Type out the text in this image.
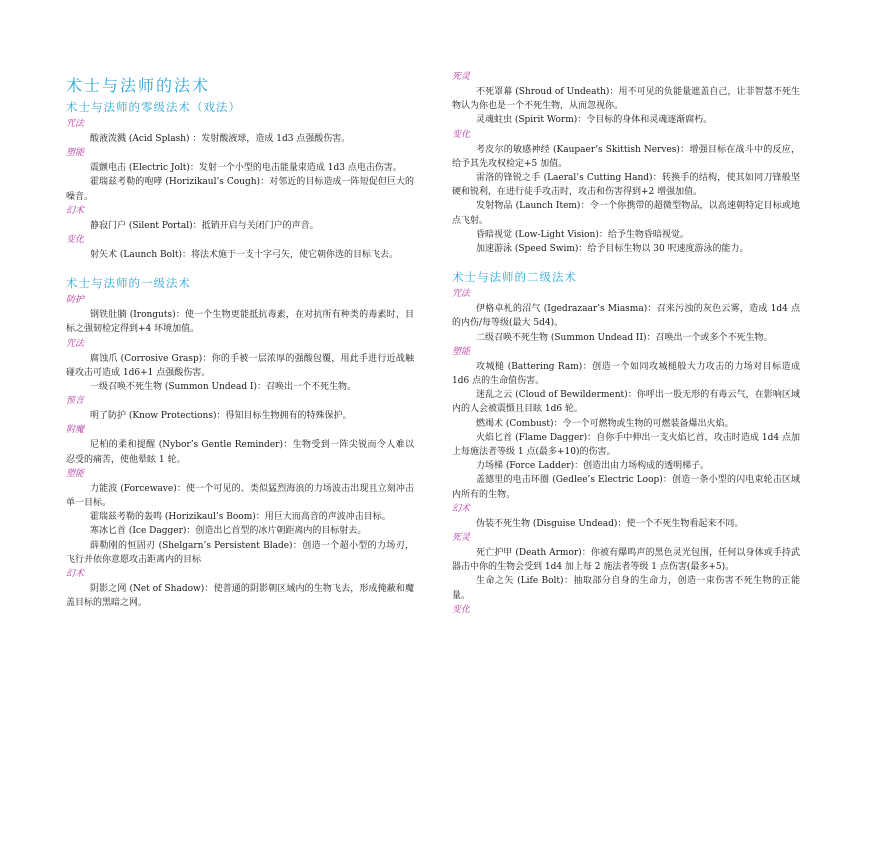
术士与法师的法术
术士与法师的零级法术（戏法）
咒法

酸液泼溅 (Acid Splash) ：发射酸液球，造成 1d3 点强酸伤害。

塑能

震颤电击 (Electric Jolt)：发射一个小型的电击能量束造成 1d3 点电击伤害。

霍瑞兹考勒的咆哮 (Horizikaul’s Cough)：对邻近的目标造成一阵短促但巨大的噪音。

幻术

静寂门户 (Silent Portal)：抵销开启与关闭门户的声音。

变化

射矢术 (Launch Bolt)：将法术施于一支十字弓矢，使它朝你选的目标飞去。

术士与法师的一级法术
防护

钢铁肚腩 (Ironguts)：使一个生物更能抵抗毒素，在对抗所有种类的毒素时，目标之强韧检定得到+4 环境加值。

咒法

腐蚀爪 (Corrosive Grasp)：你的手被一层浓厚的强酸包覆，用此手进行近战触碰攻击可造成 1d6+1 点强酸伤害。

一级召唤不死生物 (Summon Undead I)：召唤出一个不死生物。

预言

明了防护 (Know Protections)：得知目标生物拥有的特殊保护。

附魔

尼柏的柔和提醒 (Nybor’s Gentle Reminder)：生物受到一阵尖锐而令人难以忍受的痛苦，使他晕眩 1 轮。

塑能

力能波 (Forcewave)：使一个可见的、类似猛烈海浪的力场波击出现且立刻冲击单一目标。

霍瑞兹考勒的轰鸣 (Horizikaul’s Boom)：用巨大而高音的声波冲击目标。

寒冰匕首 (Ice Dagger)：创造出匕首型的冰片朝距离内的目标射去。

薛勒刚的恒固刃 (Shelgarn’s Persistent Blade)：创造一个超小型的力场刃，飞行并依你意愿攻击距离内的目标

幻术

阴影之网 (Net of Shadow)：使普通的阴影朝区域内的生物飞去，形成掩蔽和魔盖目标的黑暗之网。

死灵

不死罩幕 (Shroud of Undeath)：用不可见的负能量遮盖自己，让非智慧不死生物认为你也是一个不死生物，从而忽视你。

灵魂蛀虫 (Spirit Worm)：令目标的身体和灵魂逐渐腐朽。

变化

考皮尔的敏感神经 (Kaupaer’s Skittish Nerves)：增强目标在战斗中的反应，给予其先攻权检定+5 加值。

雷洛的锋锐之手 (Laeral’s Cutting Hand)：转换手的结构，使其如同刀锋般坚硬和锐利，在进行徒手攻击时，攻击和伤害得到+2 增强加值。

发射物品 (Launch Item)：令一个你携带的超微型物品，以高速朝特定目标或地点飞射。

昏暗视觉 (Low-Light Vision)：给予生物昏暗视觉。

加速游泳 (Speed Swim)：给予目标生物以 30 呎速度游泳的能力。

术士与法师的二级法术
咒法

伊格卓札的沼气 (Igedrazaar’s Miasma)：召来污浊的灰色云雾，造成 1d4 点的内伤/每等级(最大 5d4)。

二级召唤不死生物 (Summon Undead II)：召唤出一个或多个不死生物。

塑能

攻城槌 (Battering Ram)：创造一个如同攻城槌般大力攻击的力场对目标造成 1d6 点的生命值伤害。

迷乱之云 (Cloud of Bewilderment)：你呼出一股无形的有毒云气，在影响区域内的人会被震慑且目眩 1d6 轮。

燃竭术 (Combust)：令一个可燃物或生物的可燃装备爆出火焰。

火焰匕首 (Flame Dagger)：自你手中伸出一支火焰匕首，攻击时造成 1d4 点加上每施法者等级 1 点(最多+10)的伤害。

力场梯 (Force Ladder)：创造出由力场构成的透明梯子。

盖德里的电击环圈 (Gedlee’s Electric Loop)：创造一条小型的闪电束轮击区域内所有的生物。

幻术

伪装不死生物 (Disguise Undead)：使一个不死生物看起来不同。

死灵

死亡护甲 (Death Armor)：你被有爆鸣声的黑色灵光包围，任何以身体或手持武器击中你的生物会受到 1d4 加上每 2 施法者等级 1 点伤害(最多+5)。

生命之矢 (Life Bolt)：抽取部分自身的生命力，创造一束伤害不死生物的正能量。

变化
